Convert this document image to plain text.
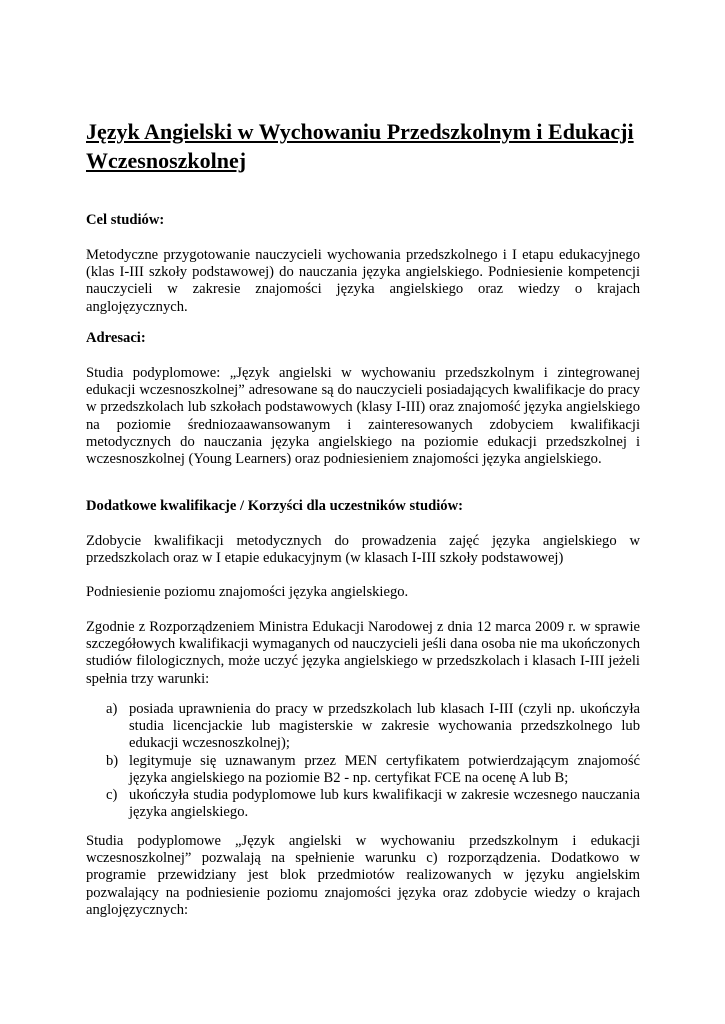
Język Angielski w Wychowaniu Przedszkolnym i Edukacji Wczesnoszkolnej

Cel studiów:

Metodyczne przygotowanie nauczycieli wychowania przedszkolnego i I etapu edukacyjnego (klas I-III szkoły podstawowej) do nauczania języka angielskiego. Podniesienie kompetencji nauczycieli w zakresie znajomości języka angielskiego oraz wiedzy o krajach anglojęzycznych.

Adresaci:

Studia podyplomowe: „Język angielski w wychowaniu przedszkolnym i zintegrowanej edukacji wczesnoszkolnej” adresowane są do nauczycieli posiadających kwalifikacje do pracy w przedszkolach lub szkołach podstawowych (klasy I-III) oraz znajomość języka angielskiego na poziomie średniozaawansowanym i zainteresowanych zdobyciem kwalifikacji metodycznych do nauczania języka angielskiego na poziomie edukacji przedszkolnej i wczesnoszkolnej (Young Learners) oraz podniesieniem znajomości języka angielskiego.

Dodatkowe kwalifikacje / Korzyści dla uczestników studiów:

Zdobycie kwalifikacji metodycznych do prowadzenia zajęć języka angielskiego w przedszkolach oraz w I etapie edukacyjnym (w klasach I-III szkoły podstawowej)

Podniesienie poziomu znajomości języka angielskiego.

Zgodnie z Rozporządzeniem Ministra Edukacji Narodowej z dnia 12 marca 2009 r. w sprawie szczegółowych kwalifikacji wymaganych od nauczycieli jeśli dana osoba nie ma ukończonych studiów filologicznych, może uczyć języka angielskiego w przedszkolach i klasach I-III jeżeli spełnia trzy warunki:

a) posiada uprawnienia do pracy w przedszkolach lub klasach I-III (czyli np. ukończyła studia licencjackie lub magisterskie w zakresie wychowania przedszkolnego lub edukacji wczesnoszkolnej);
b) legitymuje się uznawanym przez MEN certyfikatem potwierdzającym znajomość języka angielskiego na poziomie B2 - np. certyfikat FCE na ocenę A lub B;
c) ukończyła studia podyplomowe lub kurs kwalifikacji w zakresie wczesnego nauczania języka angielskiego.

Studia podyplomowe „Język angielski w wychowaniu przedszkolnym i edukacji wczesnoszkolnej” pozwalają na spełnienie warunku c) rozporządzenia. Dodatkowo w programie przewidziany jest blok przedmiotów realizowanych w języku angielskim pozwalający na podniesienie poziomu znajomości języka oraz zdobycie wiedzy o krajach anglojęzycznych:
